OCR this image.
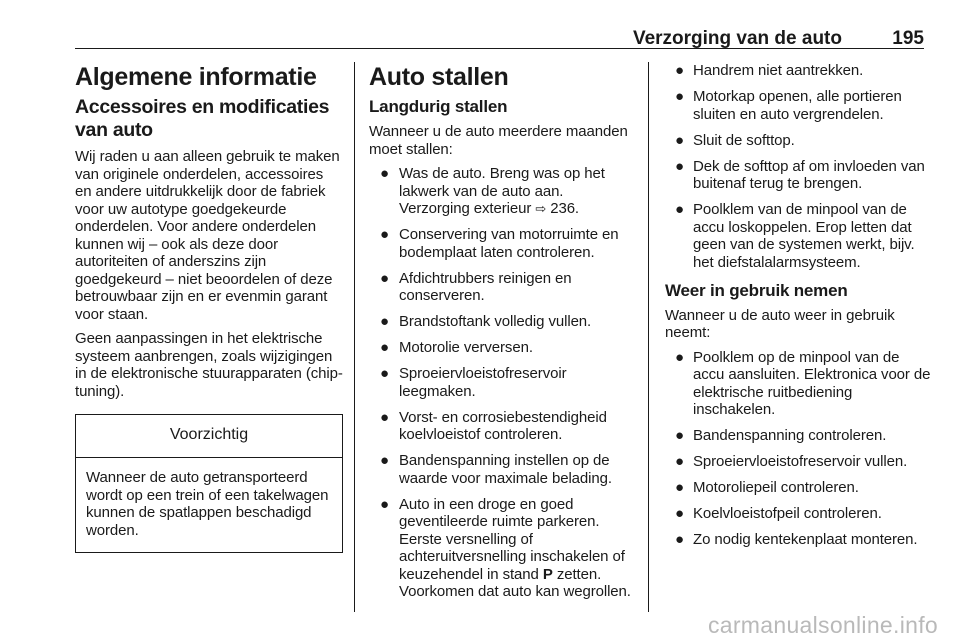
Verzorging van de auto	195
Algemene informatie
Accessoires en modificaties van auto

Wij raden u aan alleen gebruik te maken van originele onderdelen, accessoires en andere uitdrukkelijk door de fabriek voor uw autotype goedgekeurde onderdelen. Voor andere onderdelen kunnen wij – ook als deze door autoriteiten of anderszins zijn goedgekeurd – niet beoordelen of deze betrouwbaar zijn en er evenmin garant voor staan.

Geen aanpassingen in het elektrische systeem aanbrengen, zoals wijzigingen in de elektronische stuurapparaten (chip-tuning).

Voorzichtig
Wanneer de auto getransporteerd wordt op een trein of een takelwagen kunnen de spatlappen beschadigd worden.
Auto stallen
Langdurig stallen

Wanneer u de auto meerdere maanden moet stallen:

● Was de auto. Breng was op het lakwerk van de auto aan. Verzorging exterieur ⇨ 236.
● Conservering van motorruimte en bodemplaat laten controleren.
● Afdichtrubbers reinigen en conserveren.
● Brandstoftank volledig vullen.
● Motorolie verversen.
● Sproeiervloeistofreservoir leegmaken.
● Vorst- en corrosiebestendigheid koelvloeistof controleren.
● Bandenspanning instellen op de waarde voor maximale belading.
● Auto in een droge en goed geventileerde ruimte parkeren. Eerste versnelling of achteruitversnelling inschakelen of keuzehendel in stand P zetten. Voorkomen dat auto kan wegrollen.
● Handrem niet aantrekken.
● Motorkap openen, alle portieren sluiten en auto vergrendelen.
● Sluit de softtop.
● Dek de softtop af om invloeden van buitenaf terug te brengen.
● Poolklem van de minpool van de accu loskoppelen. Erop letten dat geen van de systemen werkt, bijv. het diefstalalarmsysteem.
Weer in gebruik nemen

Wanneer u de auto weer in gebruik neemt:

● Poolklem op de minpool van de accu aansluiten. Elektronica voor de elektrische ruitbediening inschakelen.
● Bandenspanning controleren.
● Sproeiervloeistofreservoir vullen.
● Motoroliepeil controleren.
● Koelvloeistofpeil controleren.
● Zo nodig kentekenplaat monteren.
carmanualsonline.info
